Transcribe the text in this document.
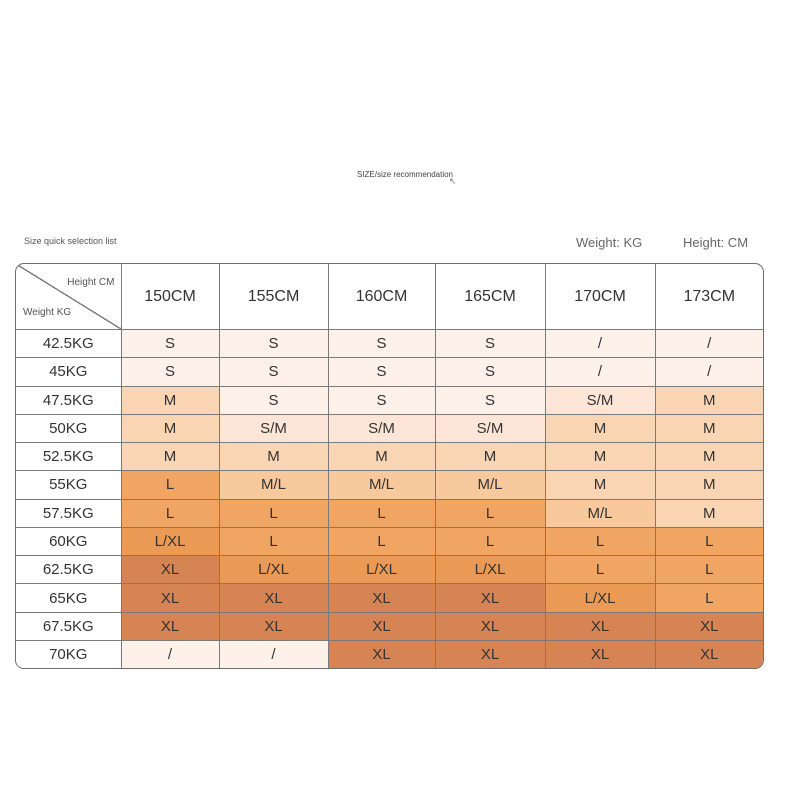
SIZE/size recommendation
↖
Size quick selection list	Weight: KG	Height: CM
Height CM
Weight KG	150CM	155CM	160CM	165CM	170CM	173CM
42.5KG	S	S	S	S	/	/
45KG	S	S	S	S	/	/
47.5KG	M	S	S	S	S/M	M
50KG	M	S/M	S/M	S/M	M	M
52.5KG	M	M	M	M	M	M
55KG	L	M/L	M/L	M/L	M	M
57.5KG	L	L	L	L	M/L	M
60KG	L/XL	L	L	L	L	L
62.5KG	XL	L/XL	L/XL	L/XL	L	L
65KG	XL	XL	XL	XL	L/XL	L
67.5KG	XL	XL	XL	XL	XL	XL
70KG	/	/	XL	XL	XL	XL
